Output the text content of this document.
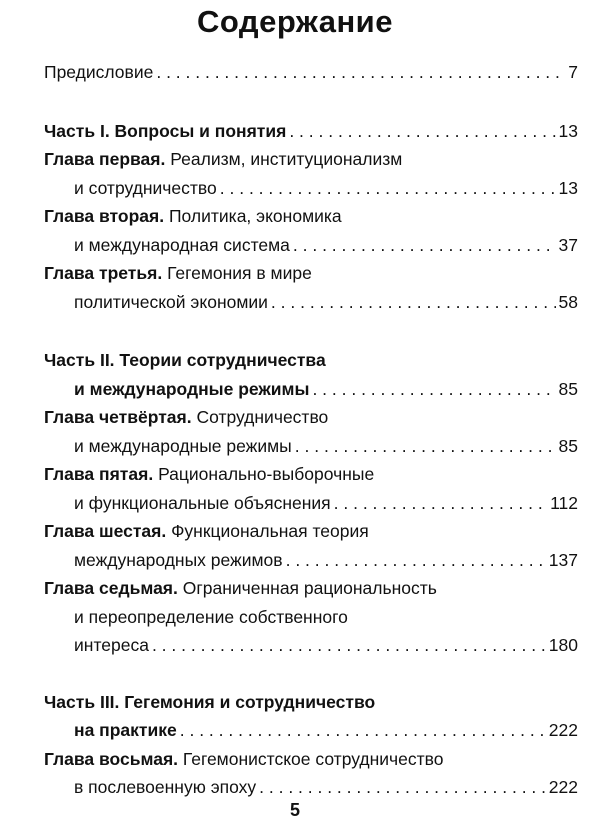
Содержание
Предисловие . . .	7
Часть I. Вопросы и понятия . . .	13
Глава первая. Реализм, институционализм
и сотрудничество . . .	13
Глава вторая. Политика, экономика
и международная система . . .	37
Глава третья. Гегемония в мире
политической экономии . . .	58
Часть II. Теории сотрудничества
и международные режимы . . .	85
Глава четвёртая. Сотрудничество
и международные режимы . . .	85
Глава пятая. Рационально-выборочные
и функциональные объяснения . . .	112
Глава шестая. Функциональная теория
международных режимов . . .	137
Глава седьмая. Ограниченная рациональность
и переопределение собственного
интереса . . .	180
Часть III. Гегемония и сотрудничество
на практике . . .	222
Глава восьмая. Гегемонистское сотрудничество
в послевоенную эпоху . . .	222
5
